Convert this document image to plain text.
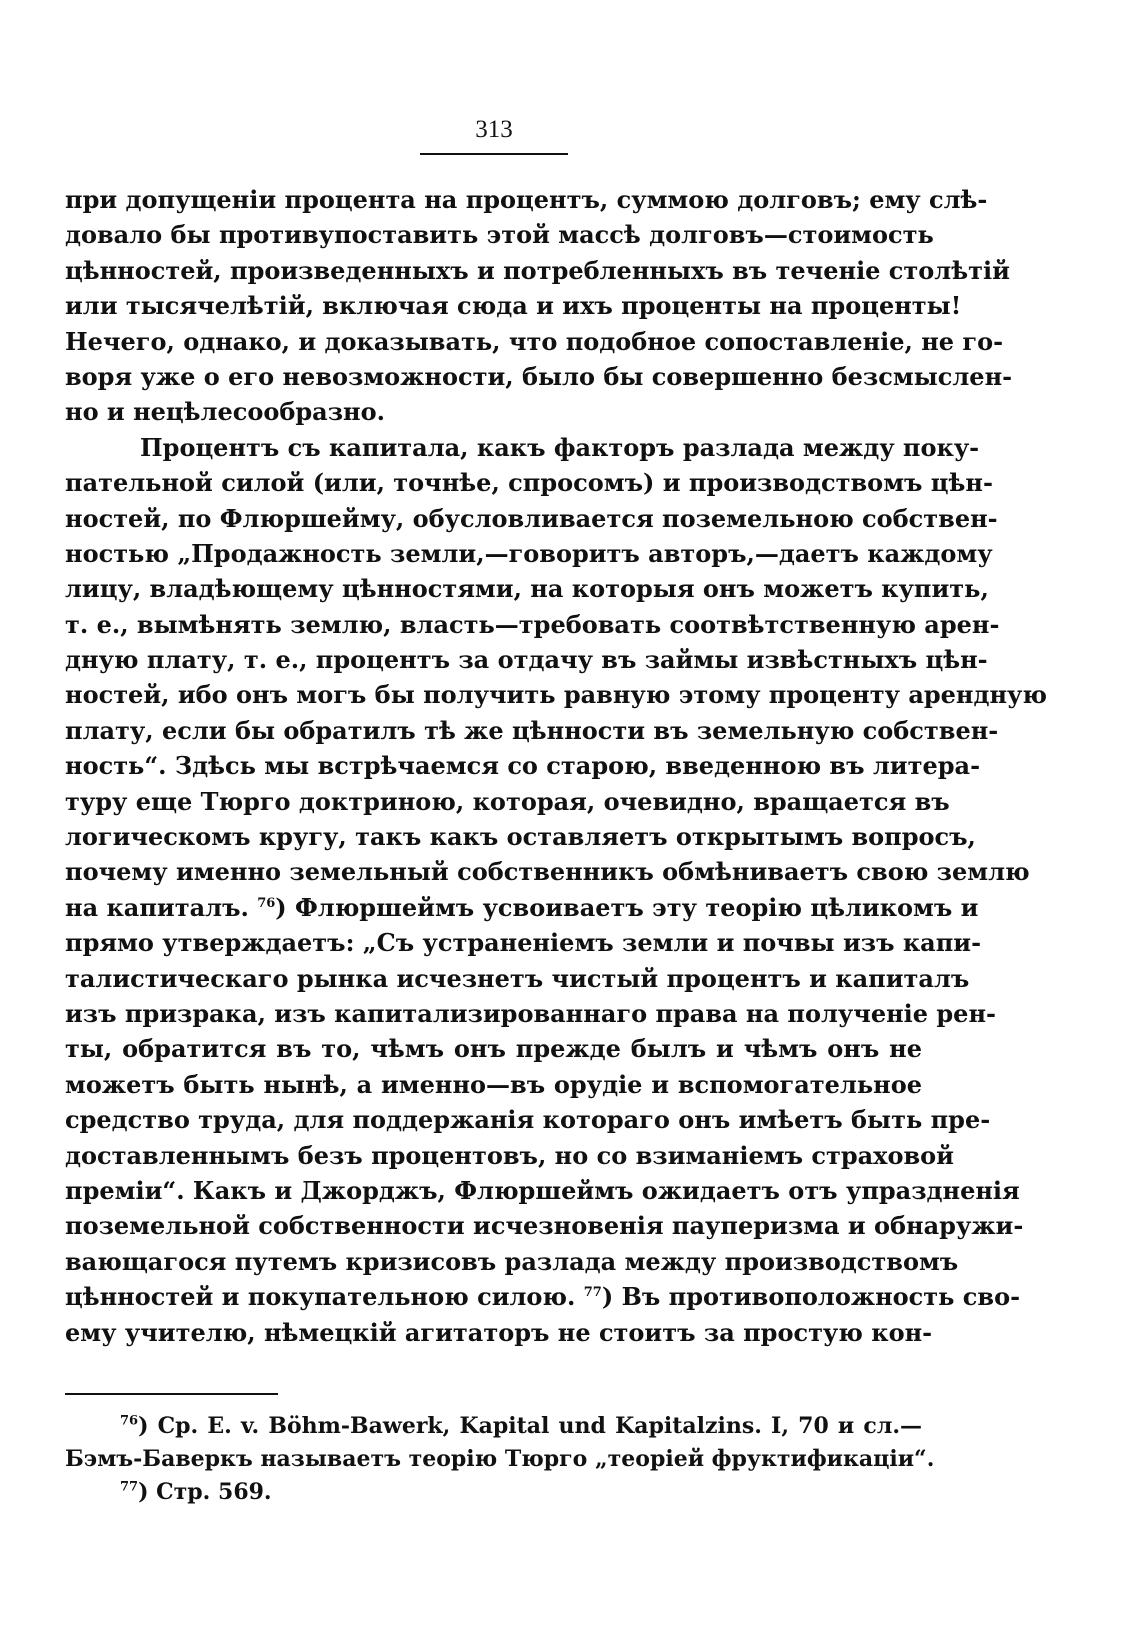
313
при допущеніи процента на процентъ, суммою долговъ; ему слѣ-
довало бы противупоставить этой массѣ долговъ—стоимость
цѣнностей, произведенныхъ и потребленныхъ въ теченіе столѣтій
или тысячелѣтій, включая сюда и ихъ проценты на проценты!
Нечего, однако, и доказывать, что подобное сопоставленіе, не го-
воря уже о его невозможности, было бы совершенно безсмыслен-
но и нецѣлесообразно.
Процентъ съ капитала, какъ факторъ разлада между поку-
пательной силой (или, точнѣе, спросомъ) и производствомъ цѣн-
ностей, по Флюршейму, обусловливается поземельною собствен-
ностью „Продажность земли,—говоритъ авторъ,—даетъ каждому
лицу, владѣющему цѣнностями, на которыя онъ можетъ купить,
т. е., вымѣнять землю, власть—требовать соотвѣтственную арен-
дную плату, т. е., процентъ за отдачу въ займы извѣстныхъ цѣн-
ностей, ибо онъ могъ бы получить равную этому проценту арендную
плату, если бы обратилъ тѣ же цѣнности въ земельную собствен-
ность“. Здѣсь мы встрѣчаемся со старою, введенною въ литера-
туру еще Тюрго доктриною, которая, очевидно, вращается въ
логическомъ кругу, такъ какъ оставляетъ открытымъ вопросъ,
почему именно земельный собственникъ обмѣниваетъ свою землю
на капиталъ. $^{76}$) Флюршеймъ усвоиваетъ эту теорію цѣликомъ и
прямо утверждаетъ: „Съ устраненіемъ земли и почвы изъ капи-
талистическаго рынка исчезнетъ чистый процентъ и капиталъ
изъ призрака, изъ капитализированнаго права на полученіе рен-
ты, обратится въ то, чѣмъ онъ прежде былъ и чѣмъ онъ не
можетъ быть нынѣ, а именно—въ орудіе и вспомогательное
средство труда, для поддержанія котораго онъ имѣетъ быть пре-
доставленнымъ безъ процентовъ, но со взиманіемъ страховой
преміи“. Какъ и Джорджъ, Флюршеймъ ожидаетъ отъ упраздненія
поземельной собственности исчезновенія пауперизма и обнаружи-
вающагося путемъ кризисовъ разлада между производствомъ
цѣнностей и покупательною силою. $^{77}$) Въ противоположность сво-
ему учителю, нѣмецкій агитаторъ не стоитъ за простую кон-
$^{76}$) Ср. E. v. Böhm-Bawerk, Kapital und Kapitalzins. I, 70 и сл.—
Бэмъ-Баверкъ называетъ теорію Тюрго „теоріей фруктификаціи“.
$^{77}$) Стр. 569.
